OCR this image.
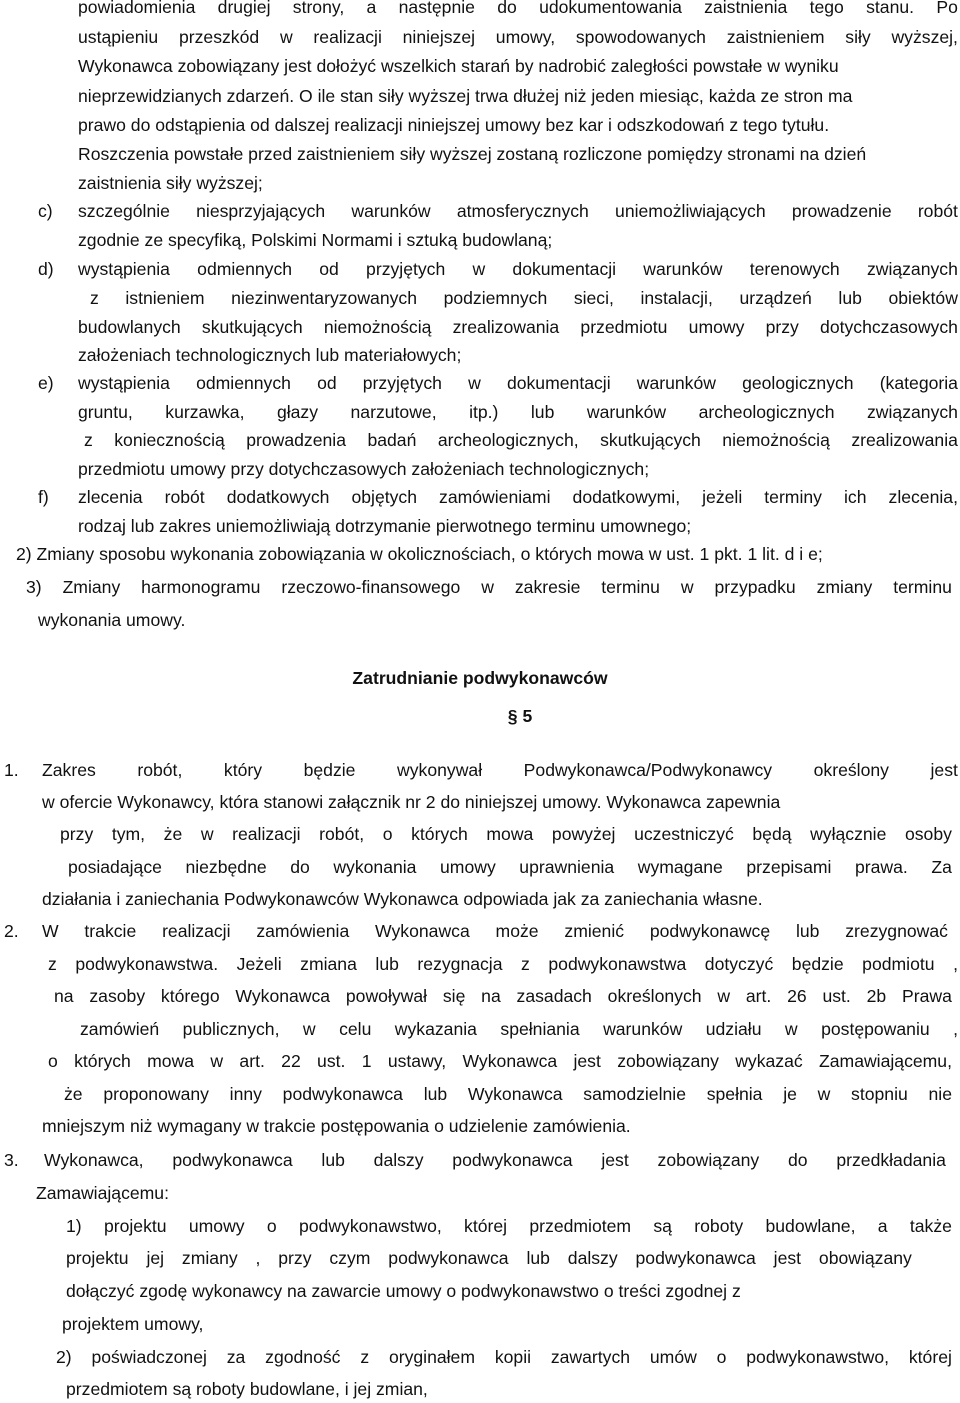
powiadomienia drugiej strony, a następnie do udokumentowania zaistnienia tego stanu. Po
ustąpieniu przeszkód w realizacji niniejszej umowy, spowodowanych zaistnieniem siły wyższej,
Wykonawca zobowiązany jest dołożyć wszelkich starań by nadrobić zaległości powstałe w wyniku
nieprzewidzianych zdarzeń. O ile stan siły wyższej trwa dłużej niż jeden miesiąc, każda ze stron ma
prawo do odstąpienia od dalszej realizacji niniejszej umowy bez kar i odszkodowań z tego tytułu.
Roszczenia powstałe przed zaistnieniem siły wyższej zostaną rozliczone pomiędzy stronami na dzień
zaistnienia siły wyższej;
c) szczególnie niesprzyjających warunków atmosferycznych uniemożliwiających prowadzenie robót
zgodnie ze specyfiką, Polskimi Normami i sztuką budowlaną;
d) wystąpienia odmiennych od przyjętych w dokumentacji warunków terenowych związanych
z istnieniem niezinwentaryzowanych podziemnych sieci, instalacji, urządzeń lub obiektów
budowlanych skutkujących niemożnością zrealizowania przedmiotu umowy przy dotychczasowych
założeniach technologicznych lub materiałowych;
e) wystąpienia odmiennych od przyjętych w dokumentacji warunków geologicznych (kategoria
gruntu, kurzawka, głazy narzutowe, itp.) lub warunków archeologicznych związanych
z koniecznością prowadzenia badań archeologicznych, skutkujących niemożnością zrealizowania
przedmiotu umowy przy dotychczasowych założeniach technologicznych;
f) zlecenia robót dodatkowych objętych zamówieniami dodatkowymi, jeżeli terminy ich zlecenia,
rodzaj lub zakres uniemożliwiają dotrzymanie pierwotnego terminu umownego;
2) Zmiany sposobu wykonania zobowiązania w okolicznościach, o których mowa w ust. 1 pkt. 1 lit. d i e;
3) Zmiany harmonogramu rzeczowo-finansowego w zakresie terminu w przypadku zmiany terminu
wykonania umowy.
Zatrudnianie podwykonawców
§ 5
1. Zakres robót, który będzie wykonywał Podwykonawca/Podwykonawcy określony jest
w ofercie Wykonawcy, która stanowi załącznik nr 2 do niniejszej umowy. Wykonawca zapewnia
przy tym, że w realizacji robót, o których mowa powyżej uczestniczyć będą wyłącznie osoby
posiadające niezbędne do wykonania umowy uprawnienia wymagane przepisami prawa. Za
działania i zaniechania Podwykonawców Wykonawca odpowiada jak za zaniechania własne.
2. W trakcie realizacji zamówienia Wykonawca może zmienić podwykonawcę lub zrezygnować
z podwykonawstwa. Jeżeli zmiana lub rezygnacja z podwykonawstwa dotyczyć będzie podmiotu ,
na zasoby którego Wykonawca powoływał się na zasadach określonych w art. 26 ust. 2b Prawa
zamówień publicznych, w celu wykazania spełniania warunków udziału w postępowaniu ,
o których mowa w art. 22 ust. 1 ustawy, Wykonawca jest zobowiązany wykazać Zamawiającemu,
że proponowany inny podwykonawca lub Wykonawca samodzielnie spełnia je w stopniu nie
mniejszym niż wymagany w trakcie postępowania o udzielenie zamówienia.
3. Wykonawca, podwykonawca lub dalszy podwykonawca jest zobowiązany do przedkładania
Zamawiającemu:
1) projektu umowy o podwykonawstwo, której przedmiotem są roboty budowlane, a także
projektu jej zmiany , przy czym podwykonawca lub dalszy podwykonawca jest obowiązany
dołączyć zgodę wykonawcy na zawarcie umowy o podwykonawstwo o treści zgodnej z
projektem umowy,
2) poświadczonej za zgodność z oryginałem kopii zawartych umów o podwykonawstwo, której
przedmiotem są roboty budowlane, i jej zmian,
